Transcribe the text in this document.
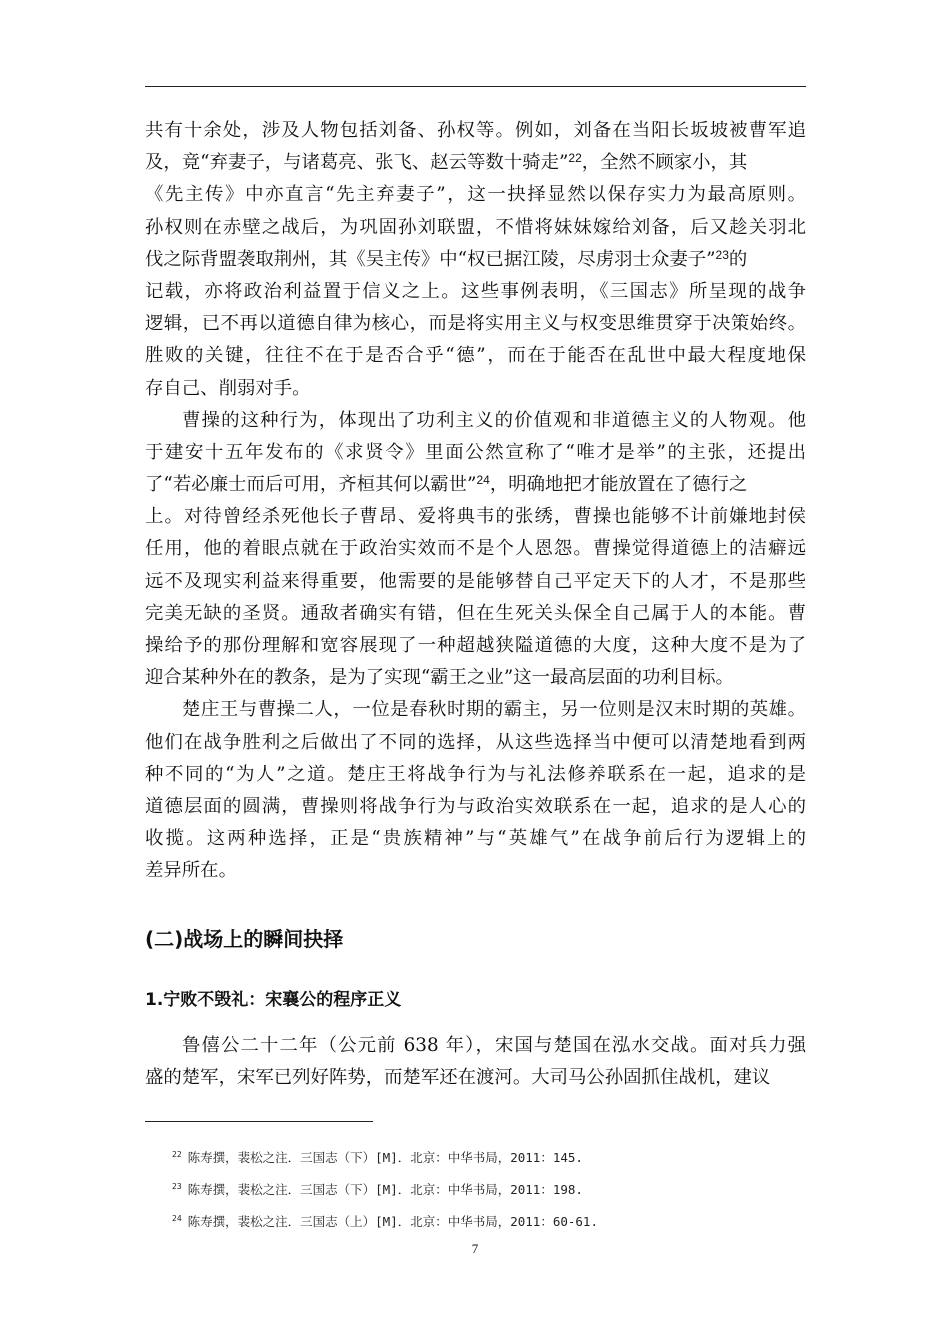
共有十余处，涉及人物包括刘备、孙权等。例如，刘备在当阳长坂坡被曹军追
及，竟“弃妻子，与诸葛亮、张飞、赵云等数十骑走”$^{22}$，全然不顾家小，其
《先主传》中亦直言“先主弃妻子”，这一抉择显然以保存实力为最高原则。
孙权则在赤壁之战后，为巩固孙刘联盟，不惜将妹妹嫁给刘备，后又趁关羽北
伐之际背盟袭取荆州，其《吴主传》中“权已据江陵，尽虏羽士众妻子”$^{23}$的
记载，亦将政治利益置于信义之上。这些事例表明，《三国志》所呈现的战争
逻辑，已不再以道德自律为核心，而是将实用主义与权变思维贯穿于决策始终。
胜败的关键，往往不在于是否合乎“德”，而在于能否在乱世中最大程度地保
存自己、削弱对手。
曹操的这种行为，体现出了功利主义的价值观和非道德主义的人物观。他
于建安十五年发布的《求贤令》里面公然宣称了“唯才是举”的主张，还提出
了“若必廉士而后可用，齐桓其何以霸世”$^{24}$，明确地把才能放置在了德行之
上。对待曾经杀死他长子曹昂、爱将典韦的张绣，曹操也能够不计前嫌地封侯
任用，他的着眼点就在于政治实效而不是个人恩怨。曹操觉得道德上的洁癖远
远不及现实利益来得重要，他需要的是能够替自己平定天下的人才，不是那些
完美无缺的圣贤。通敌者确实有错，但在生死关头保全自己属于人的本能。曹
操给予的那份理解和宽容展现了一种超越狭隘道德的大度，这种大度不是为了
迎合某种外在的教条，是为了实现“霸王之业”这一最高层面的功利目标。
楚庄王与曹操二人，一位是春秋时期的霸主，另一位则是汉末时期的英雄。
他们在战争胜利之后做出了不同的选择，从这些选择当中便可以清楚地看到两
种不同的“为人”之道。楚庄王将战争行为与礼法修养联系在一起，追求的是
道德层面的圆满，曹操则将战争行为与政治实效联系在一起，追求的是人心的
收揽。这两种选择，正是“贵族精神”与“英雄气”在战争前后行为逻辑上的
差异所在。
(二)战场上的瞬间抉择
1.宁败不毁礼：宋襄公的程序正义
鲁僖公二十二年（公元前 638 年），宋国与楚国在泓水交战。面对兵力强
盛的楚军，宋军已列好阵势，而楚军还在渡河。大司马公孙固抓住战机，建议
$^{22}$ 陈寿撰，裴松之注．三国志（下）[M]．北京：中华书局，2011：145.
$^{23}$ 陈寿撰，裴松之注．三国志（下）[M]．北京：中华书局，2011：198.
$^{24}$ 陈寿撰，裴松之注．三国志（上）[M]．北京：中华书局，2011：60-61.
7
